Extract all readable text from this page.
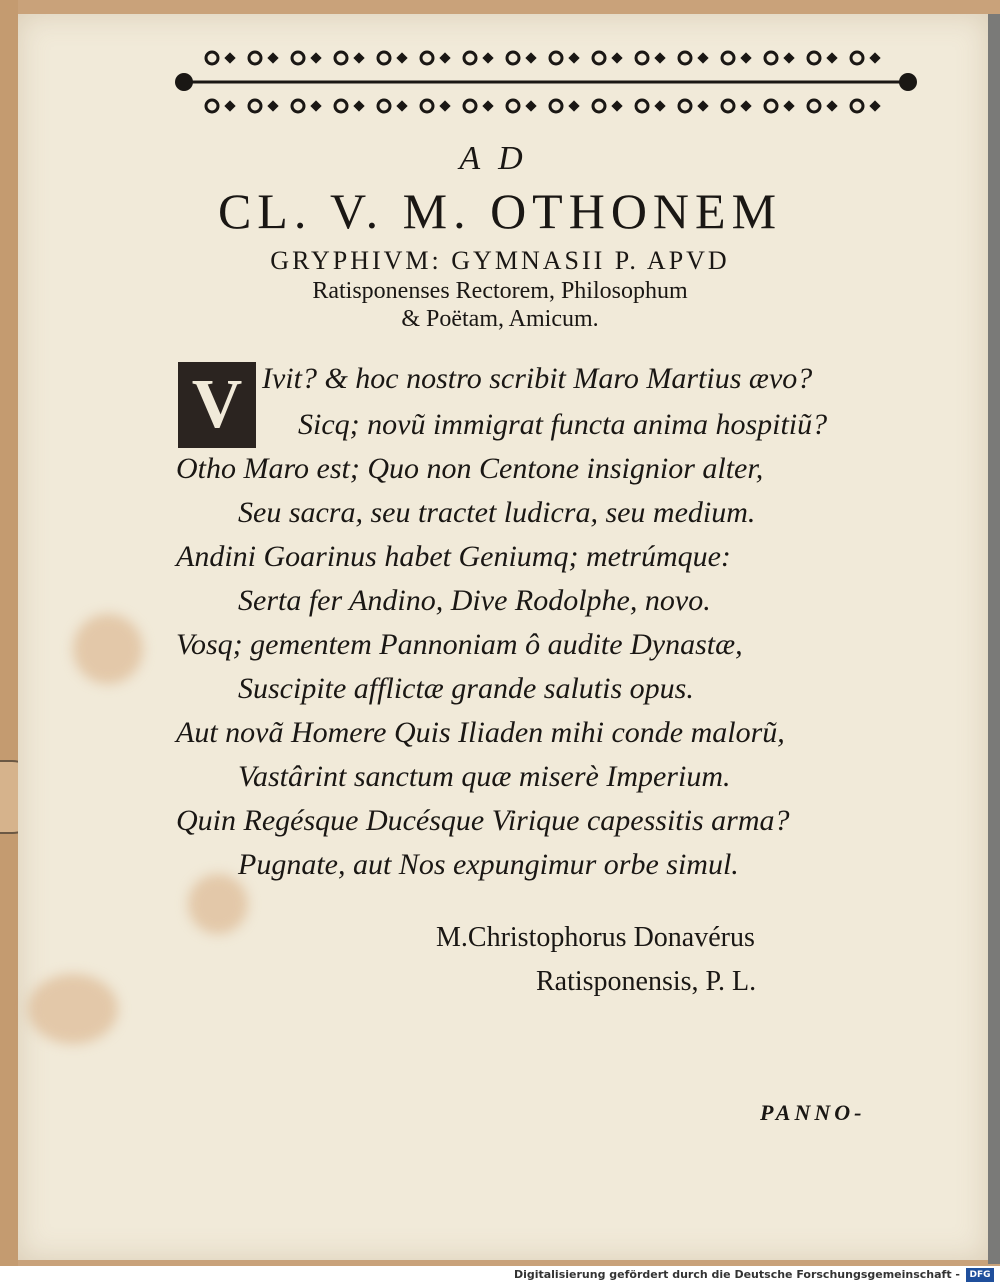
AD
CL. V. M. OTHONEM
GRYPHIVM: GYMNASII P. APVD
Ratisponenses Rectorem, Philosophum
& Poëtam, Amicum.
V Ivit? & hoc nostro scribit Maro Martius ævo?
Sicq; novũ immigrat functa anima hospitiũ?
Otho Maro est; Quo non Centone insignior alter,
Seu sacra, seu tractet ludicra, seu medium.
Andini Goarinus habet Geniumq; metrúmque:
Serta fer Andino, Dive Rodolphe, novo.
Vosq; gementem Pannoniam ô audite Dynastæ,
Suscipite afflictæ grande salutis opus.
Aut novã Homere Quis Iliaden mihi conde malorũ,
Vastârint sanctum quæ miserè Imperium.
Quin Regésque Ducésque Virique capessitis arma?
Pugnate, aut Nos expungimur orbe simul.
M.Christophorus Donavérus
Ratisponensis, P. L.
PANNO-
Digitalisierung gefördert durch die Deutsche Forschungsgemeinschaft -	DFG
